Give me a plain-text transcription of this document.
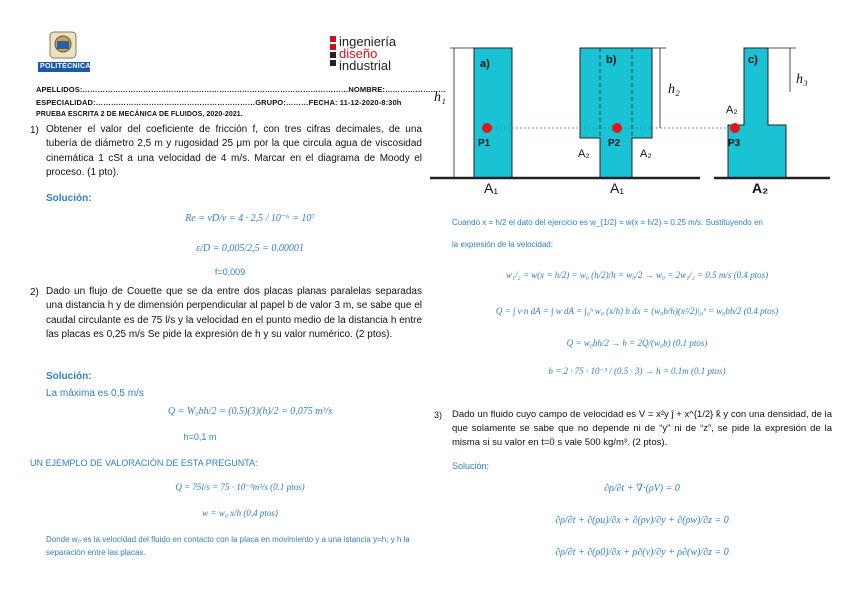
POLITÉCNICA
ingeniería
diseño
industrial
APELLIDOS:……………………………………………………………………………………………NOMBRE:……………………
ESPECIALIDAD:………………………………………………………GRUPO:………FECHA: 11-12-2020-8:30h
PRUEBA ESCRITA 2 DE MECÁNICA DE FLUIDOS, 2020-2021.
1) Obtener el valor del coeficiente de fricción f, con tres cifras decimales, de una tubería de diámetro 2,5 m y rugosidad 25 μm por la que circula agua de viscosidad cinemática 1 cSt a una velocidad de 4 m/s. Marcar en el diagrama de Moody el proceso. (1 pto).
Solución:
Re = vD/ν = 4 · 2,5 / 10⁻⁶ = 10⁷
ε/D = 0,005/2,5 = 0.00001
f=0,009
2) Dado un flujo de Couette que se da entre dos placas planas paralelas separadas una distancia h y de dimensión perpendicular al papel b de valor 3 m, se sabe que el caudal circulante es de 75 l/s y la velocidad en el punto medio de la distancia h entre las placas es 0,25 m/s Se pide la expresión de h y su valor numérico. (2 ptos).
Solución:
La máxima es 0,5 m/s
Q = W₀bh/2 = (0.5)(3)(h)/2 = 0,075 m³/s
h=0,1 m
UN EJEMPLO DE VALORACIÓN DE ESTA PREGUNTA:
Q = 75l/s = 75 · 10⁻³m³/s (0.1 ptos)
w = w₀ x/h (0,4 ptos)
Donde w₀ es la velocidad del fluido en contacto con la placa en movimiento y a una istancia y=h, y h la separación entre las placas.
a)	b)	c)
h₁
h₂
h₃
P1	P2	P3
A₂	A₂
A₂
A₁	A₁	A₂
Cuando x = h/2 el dato del ejercicio es w_{1/2} = w(x = h/2) = 0.25 m/s. Sustituyendo en
la expresión de la velocidad:
w₁/₂ = w(x = h/2) = w₀ (h/2)/h = w₀/2 → w₀ = 2w₁/₂ = 0.5 m/s (0.4 ptos)
Q = ∫ v·n dA = ∫ w dA = ∫₀ʰ w₀ (x/h) b dx = (w₀b/h)(x²/2)|₀ʰ = w₀bh/2 (0.4 ptos)
Q = w₀bh/2 → h = 2Q/(w₀b) (0.1 ptos)
h = 2 · 75 · 10⁻³ / (0.5 · 3) → h = 0.1m (0.1 ptos)
3) Dado un fluido cuyo campo de velocidad es V = x²y ĵ + x^{1/2} k̂ y con una densidad, de la que solamente se sabe que no depende ni de “y” ni de “z”, se pide la expresión de la misma si su valor en t=0 s vale 500 kg/m³. (2 ptos).
Solución:
∂ρ/∂t + ∇·(ρV) = 0
∂ρ/∂t + ∂(ρu)/∂x + ∂(ρv)/∂y + ∂(ρw)/∂z = 0
∂ρ/∂t + ∂(ρ0)/∂x + ρ∂(v)/∂y + ρ∂(w)/∂z = 0
